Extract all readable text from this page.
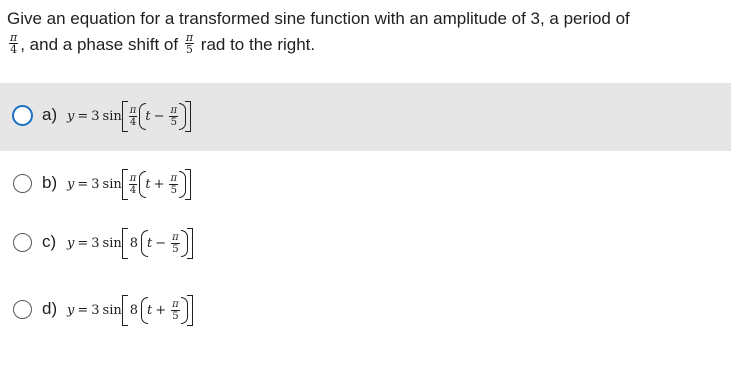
Give an equation for a transformed sine function with an amplitude of 3, a period of
$\frac{\pi}{4}$ , and a phase shift of $\frac{\pi}{5}$ rad to the right.
a) y = 3 $\sin \frac{\pi}{4}$ $t - \frac{\pi}{5}$
b) y = 3 $\sin \frac{\pi}{4}$ $t + \frac{\pi}{5}$
c) y = 3 sin 8 $t - \frac{\pi}{5}$
d) y = 3 sin 8 $t + \frac{\pi}{5}$
